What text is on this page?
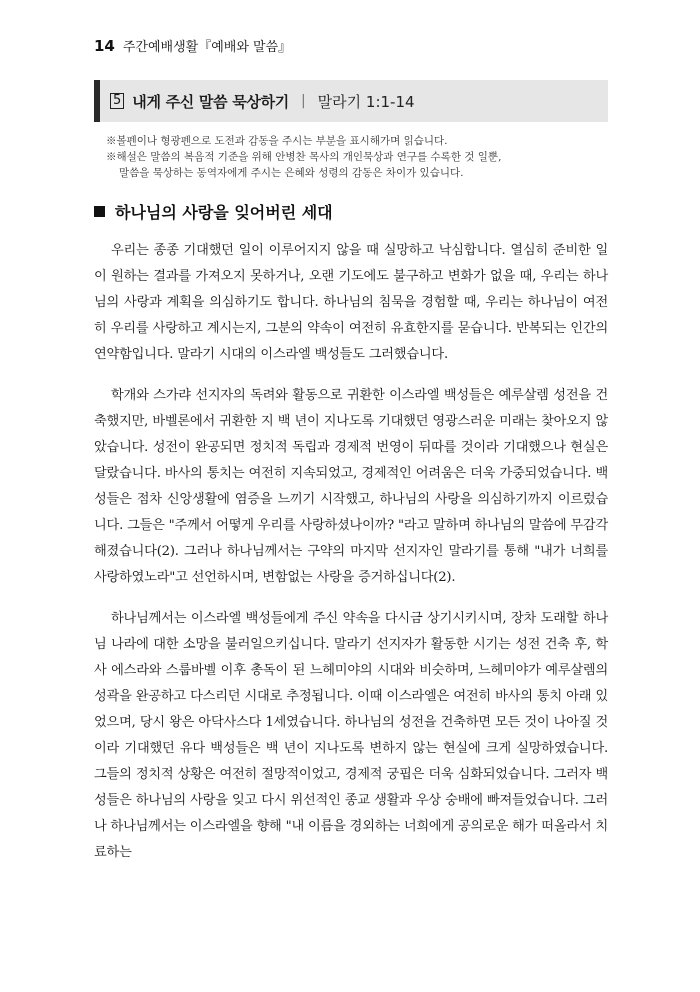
14 주간예배생활『예배와 말씀』
5 내게 주신 말씀 묵상하기 | 말라기 1:1-14

※볼펜이나 형광펜으로 도전과 감동을 주시는 부분을 표시해가며 읽습니다.

※해설은 말씀의 복음적 기준을 위해 안병찬 목사의 개인묵상과 연구를 수록한 것 일뿐,

말씀을 묵상하는 동역자에게 주시는 은혜와 성령의 감동은 차이가 있습니다.

하나님의 사랑을 잊어버린 세대

우리는 종종 기대했던 일이 이루어지지 않을 때 실망하고 낙심합니다. 열심히 준비한 일이 원하는 결과를 가져오지 못하거나, 오랜 기도에도 불구하고 변화가 없을 때, 우리는 하나님의 사랑과 계획을 의심하기도 합니다. 하나님의 침묵을 경험할 때, 우리는 하나님이 여전히 우리를 사랑하고 계시는지, 그분의 약속이 여전히 유효한지를 묻습니다. 반복되는 인간의 연약함입니다. 말라기 시대의 이스라엘 백성들도 그러했습니다.

학개와 스가랴 선지자의 독려와 활동으로 귀환한 이스라엘 백성들은 예루살렘 성전을 건축했지만, 바벨론에서 귀환한 지 백 년이 지나도록 기대했던 영광스러운 미래는 찾아오지 않았습니다. 성전이 완공되면 정치적 독립과 경제적 번영이 뒤따를 것이라 기대했으나 현실은 달랐습니다. 바사의 통치는 여전히 지속되었고, 경제적인 어려움은 더욱 가중되었습니다. 백성들은 점차 신앙생활에 염증을 느끼기 시작했고, 하나님의 사랑을 의심하기까지 이르렀습니다. 그들은 "주께서 어떻게 우리를 사랑하셨나이까? "라고 말하며 하나님의 말씀에 무감각해졌습니다(2). 그러나 하나님께서는 구약의 마지막 선지자인 말라기를 통해 "내가 너희를 사랑하였노라"고 선언하시며, 변함없는 사랑을 증거하십니다(2).

하나님께서는 이스라엘 백성들에게 주신 약속을 다시금 상기시키시며, 장차 도래할 하나님 나라에 대한 소망을 불러일으키십니다. 말라기 선지자가 활동한 시기는 성전 건축 후, 학사 에스라와 스룹바벨 이후 총독이 된 느헤미야의 시대와 비슷하며, 느헤미야가 예루살렘의 성곽을 완공하고 다스리던 시대로 추정됩니다. 이때 이스라엘은 여전히 바사의 통치 아래 있었으며, 당시 왕은 아닥사스다 1세였습니다. 하나님의 성전을 건축하면 모든 것이 나아질 것이라 기대했던 유다 백성들은 백 년이 지나도록 변하지 않는 현실에 크게 실망하였습니다. 그들의 정치적 상황은 여전히 절망적이었고, 경제적 궁핍은 더욱 심화되었습니다. 그러자 백성들은 하나님의 사랑을 잊고 다시 위선적인 종교 생활과 우상 숭배에 빠져들었습니다. 그러나 하나님께서는 이스라엘을 향해 "내 이름을 경외하는 너희에게 공의로운 해가 떠올라서 치료하는
